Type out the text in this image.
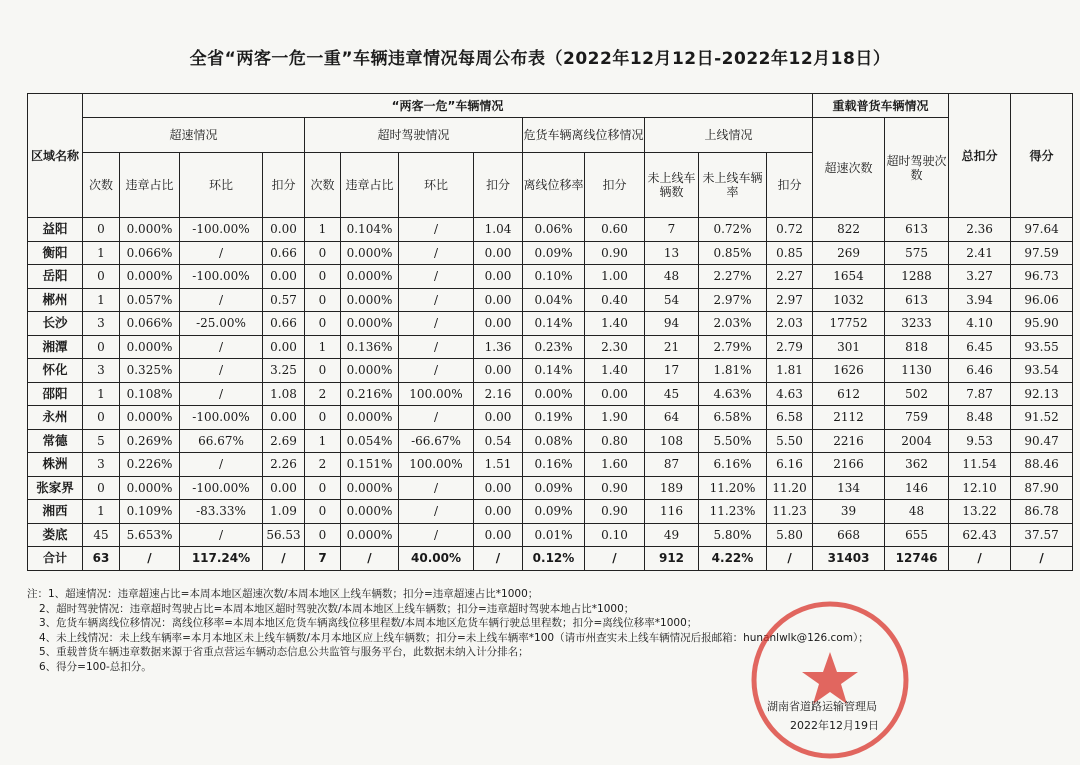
全省“两客一危一重”车辆违章情况每周公布表（2022年12月12日-2022年12月18日）
区域名称	“两客一危”车辆情况													重载普货车辆情况		总扣分	得分
	超速情况				超时驾驶情况				危货车辆离线位移情况		上线情况			超速次数	超时驾驶次数		
	次数	违章占比	环比	扣分	次数	违章占比	环比	扣分	离线位移率	扣分	未上线车辆数	未上线车辆率	扣分				
益阳	0	0.000%	-100.00%	0.00	1	0.104%	/	1.04	0.06%	0.60	7	0.72%	0.72	822	613	2.36	97.64
衡阳	1	0.066%	/	0.66	0	0.000%	/	0.00	0.09%	0.90	13	0.85%	0.85	269	575	2.41	97.59
岳阳	0	0.000%	-100.00%	0.00	0	0.000%	/	0.00	0.10%	1.00	48	2.27%	2.27	1654	1288	3.27	96.73
郴州	1	0.057%	/	0.57	0	0.000%	/	0.00	0.04%	0.40	54	2.97%	2.97	1032	613	3.94	96.06
长沙	3	0.066%	-25.00%	0.66	0	0.000%	/	0.00	0.14%	1.40	94	2.03%	2.03	17752	3233	4.10	95.90
湘潭	0	0.000%	/	0.00	1	0.136%	/	1.36	0.23%	2.30	21	2.79%	2.79	301	818	6.45	93.55
怀化	3	0.325%	/	3.25	0	0.000%	/	0.00	0.14%	1.40	17	1.81%	1.81	1626	1130	6.46	93.54
邵阳	1	0.108%	/	1.08	2	0.216%	100.00%	2.16	0.00%	0.00	45	4.63%	4.63	612	502	7.87	92.13
永州	0	0.000%	-100.00%	0.00	0	0.000%	/	0.00	0.19%	1.90	64	6.58%	6.58	2112	759	8.48	91.52
常德	5	0.269%	66.67%	2.69	1	0.054%	-66.67%	0.54	0.08%	0.80	108	5.50%	5.50	2216	2004	9.53	90.47
株洲	3	0.226%	/	2.26	2	0.151%	100.00%	1.51	0.16%	1.60	87	6.16%	6.16	2166	362	11.54	88.46
张家界	0	0.000%	-100.00%	0.00	0	0.000%	/	0.00	0.09%	0.90	189	11.20%	11.20	134	146	12.10	87.90
湘西	1	0.109%	-83.33%	1.09	0	0.000%	/	0.00	0.09%	0.90	116	11.23%	11.23	39	48	13.22	86.78
娄底	45	5.653%	/	56.53	0	0.000%	/	0.00	0.01%	0.10	49	5.80%	5.80	668	655	62.43	37.57
合计	63	/	117.24%	/	7	/	40.00%	/	0.12%	/	912	4.22%	/	31403	12746	/	/
注：1、超速情况：违章超速占比=本周本地区超速次数/本周本地区上线车辆数；扣分=违章超速占比*1000；
2、超时驾驶情况：违章超时驾驶占比=本周本地区超时驾驶次数/本周本地区上线车辆数；扣分=违章超时驾驶本地占比*1000；
3、危货车辆离线位移情况：离线位移率=本周本地区危货车辆离线位移里程数/本周本地区危货车辆行驶总里程数；扣分=离线位移率*1000；
4、未上线情况：未上线车辆率=本月本地区未上线车辆数/本月本地区应上线车辆数；扣分=未上线车辆率*100（请市州查实未上线车辆情况后报邮箱：hunanlwlk@126.com）；
5、重载普货车辆违章数据来源于省重点营运车辆动态信息公共监管与服务平台，此数据未纳入计分排名；
6、得分=100-总扣分。
湖南省道路运输管理局
2022年12月19日
